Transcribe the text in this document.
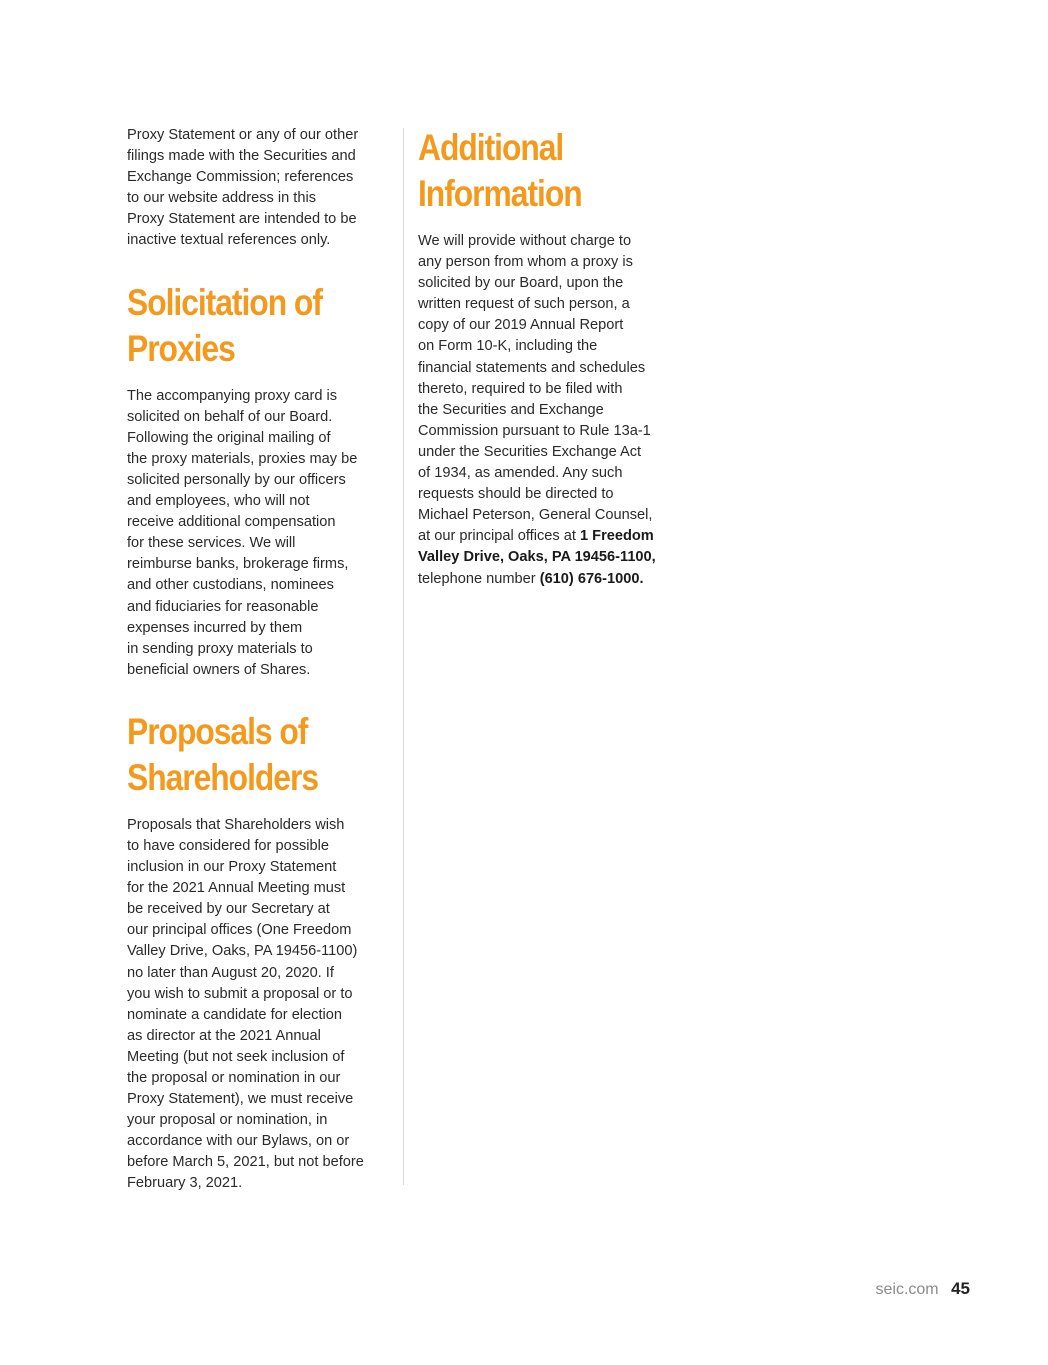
Proxy Statement or any of our other
filings made with the Securities and
Exchange Commission; references
to our website address in this
Proxy Statement are intended to be
inactive textual references only.
Solicitation of
Proxies
The accompanying proxy card is
solicited on behalf of our Board.
Following the original mailing of
the proxy materials, proxies may be
solicited personally by our officers
and employees, who will not
receive additional compensation
for these services. We will
reimburse banks, brokerage firms,
and other custodians, nominees
and fiduciaries for reasonable
expenses incurred by them
in sending proxy materials to
beneficial owners of Shares.
Proposals of
Shareholders
Proposals that Shareholders wish
to have considered for possible
inclusion in our Proxy Statement
for the 2021 Annual Meeting must
be received by our Secretary at
our principal offices (One Freedom
Valley Drive, Oaks, PA 19456-1100)
no later than August 20, 2020. If
you wish to submit a proposal or to
nominate a candidate for election
as director at the 2021 Annual
Meeting (but not seek inclusion of
the proposal or nomination in our
Proxy Statement), we must receive
your proposal or nomination, in
accordance with our Bylaws, on or
before March 5, 2021, but not before
February 3, 2021.
Additional
Information
We will provide without charge to
any person from whom a proxy is
solicited by our Board, upon the
written request of such person, a
copy of our 2019 Annual Report
on Form 10-K, including the
financial statements and schedules
thereto, required to be filed with
the Securities and Exchange
Commission pursuant to Rule 13a-1
under the Securities Exchange Act
of 1934, as amended. Any such
requests should be directed to
Michael Peterson, General Counsel,
at our principal offices at 1 Freedom
Valley Drive, Oaks, PA 19456-1100,
telephone number (610) 676-1000.
seic.com 45
